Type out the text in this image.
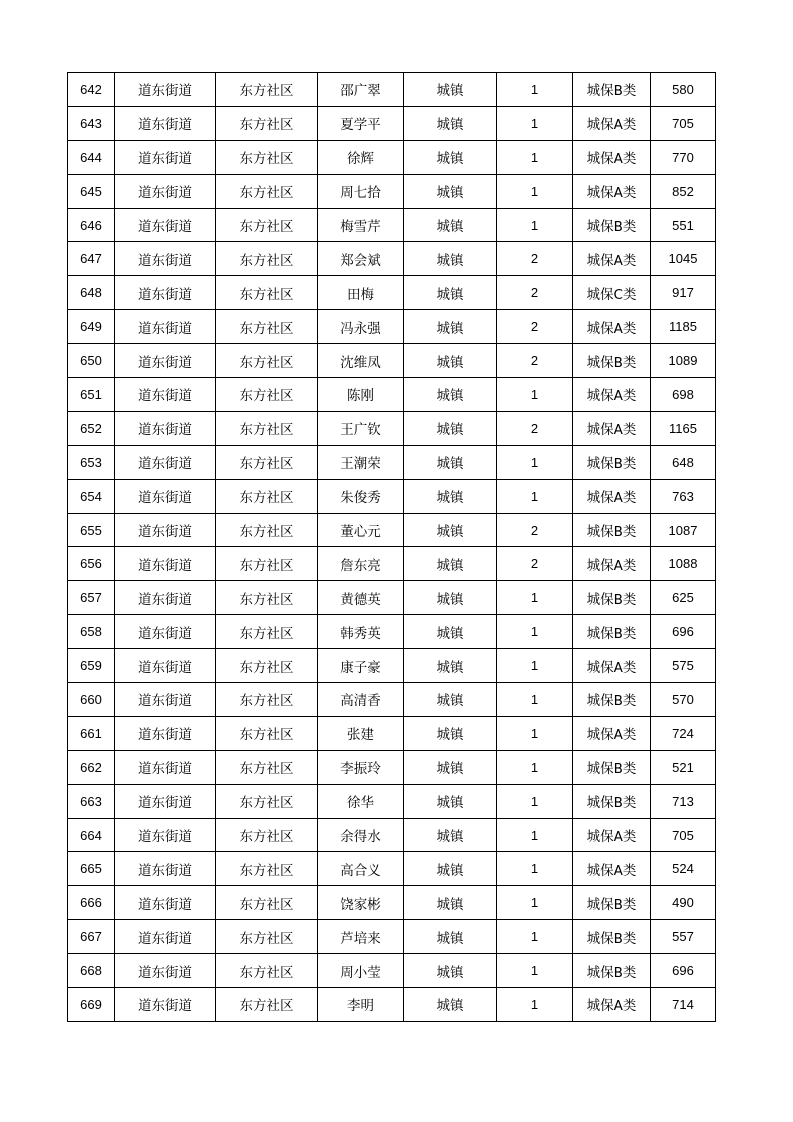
642	道东街道	东方社区	邵广翠	城镇	1	城保B类	580
643	道东街道	东方社区	夏学平	城镇	1	城保A类	705
644	道东街道	东方社区	徐辉	城镇	1	城保A类	770
645	道东街道	东方社区	周七拾	城镇	1	城保A类	852
646	道东街道	东方社区	梅雪芹	城镇	1	城保B类	551
647	道东街道	东方社区	郑会斌	城镇	2	城保A类	1045
648	道东街道	东方社区	田梅	城镇	2	城保C类	917
649	道东街道	东方社区	冯永强	城镇	2	城保A类	1185
650	道东街道	东方社区	沈维凤	城镇	2	城保B类	1089
651	道东街道	东方社区	陈刚	城镇	1	城保A类	698
652	道东街道	东方社区	王广钦	城镇	2	城保A类	1165
653	道东街道	东方社区	王潮荣	城镇	1	城保B类	648
654	道东街道	东方社区	朱俊秀	城镇	1	城保A类	763
655	道东街道	东方社区	董心元	城镇	2	城保B类	1087
656	道东街道	东方社区	詹东亮	城镇	2	城保A类	1088
657	道东街道	东方社区	黄德英	城镇	1	城保B类	625
658	道东街道	东方社区	韩秀英	城镇	1	城保B类	696
659	道东街道	东方社区	康子豪	城镇	1	城保A类	575
660	道东街道	东方社区	高清香	城镇	1	城保B类	570
661	道东街道	东方社区	张建	城镇	1	城保A类	724
662	道东街道	东方社区	李振玲	城镇	1	城保B类	521
663	道东街道	东方社区	徐华	城镇	1	城保B类	713
664	道东街道	东方社区	余得水	城镇	1	城保A类	705
665	道东街道	东方社区	高合义	城镇	1	城保A类	524
666	道东街道	东方社区	饶家彬	城镇	1	城保B类	490
667	道东街道	东方社区	芦培来	城镇	1	城保B类	557
668	道东街道	东方社区	周小莹	城镇	1	城保B类	696
669	道东街道	东方社区	李明	城镇	1	城保A类	714
